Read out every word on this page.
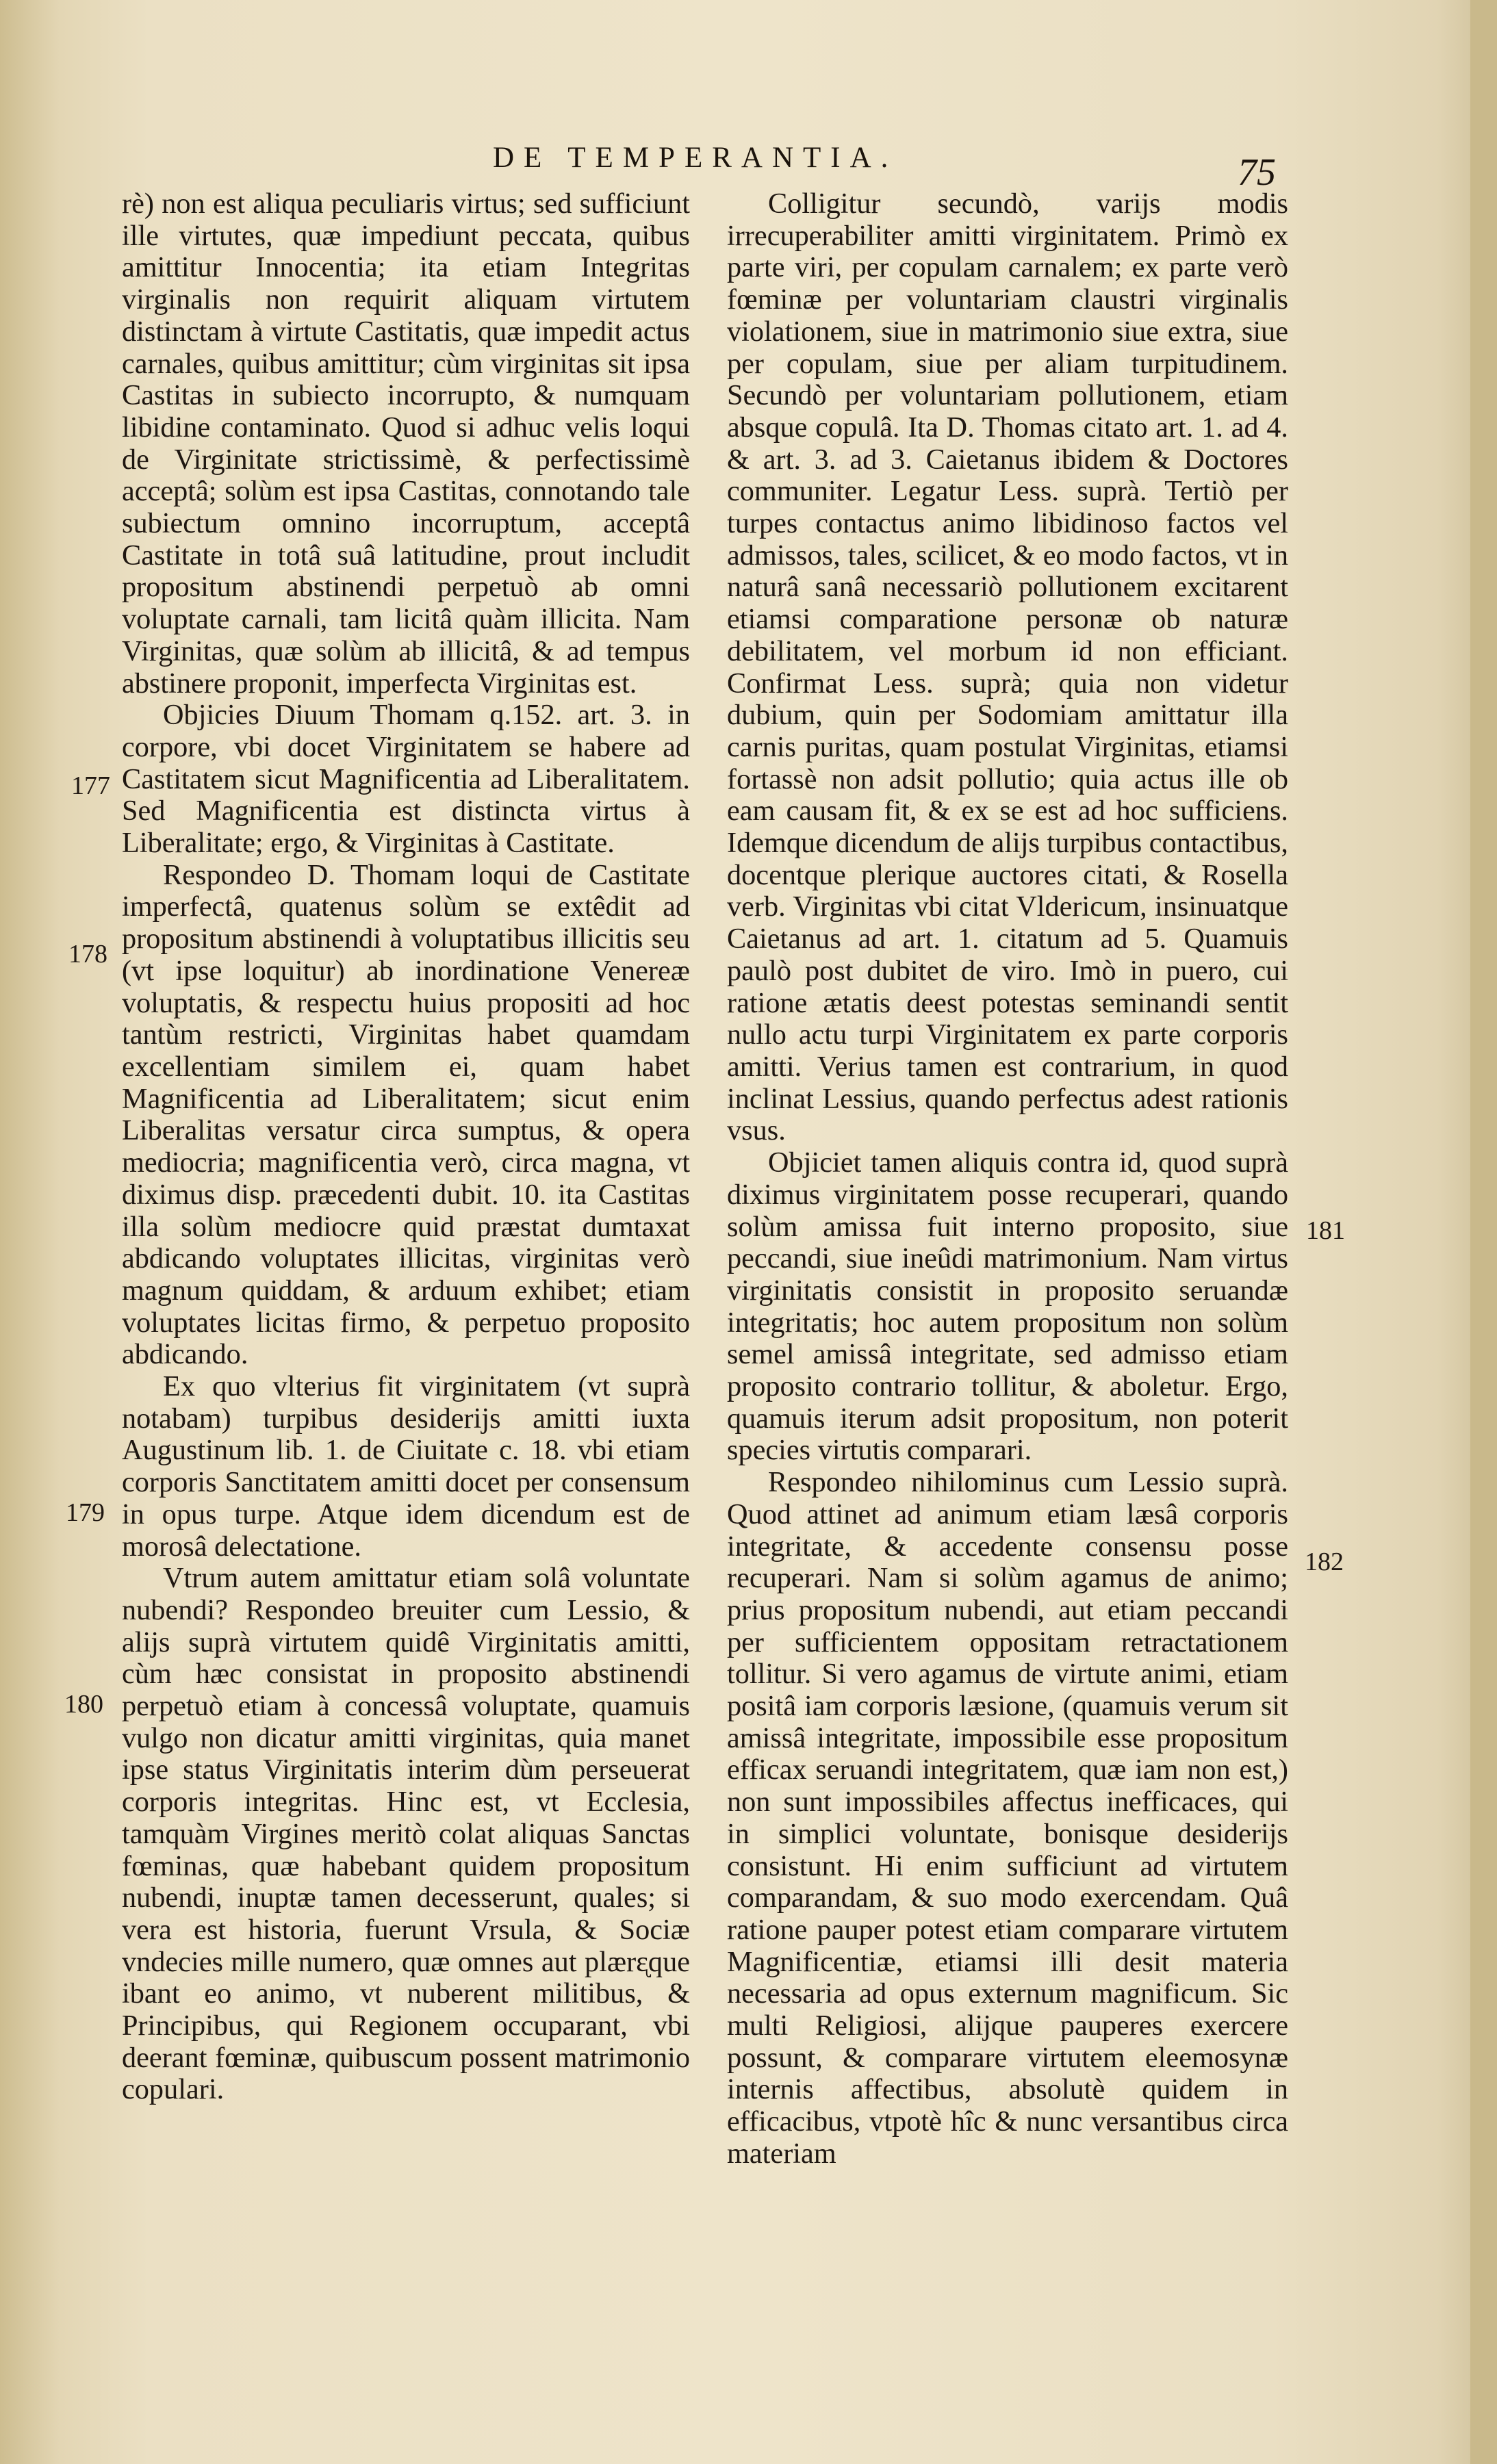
DE TEMPERANTIA.	75

rè) non est aliqua peculiaris virtus; sed sufficiunt ille virtutes, quæ impediunt peccata, quibus amittitur Innocentia; ita etiam Integritas virginalis non requirit aliquam virtutem distinctam à virtute Castitatis, quæ impedit actus carnales, quibus amittitur; cùm virginitas sit ipsa Castitas in subiecto incorrupto, & numquam libidine contaminato. Quod si adhuc velis loqui de Virginitate strictissimè, & perfectissimè acceptâ; solùm est ipsa Castitas, connotando tale subiectum omnino incorruptum, acceptâ Castitate in totâ suâ latitudine, prout includit propositum abstinendi perpetuò ab omni voluptate carnali, tam licitâ quàm illicita. Nam Virginitas, quæ solùm ab illicitâ, & ad tempus abstinere proponit, imperfecta Virginitas est.

Objicies Diuum Thomam q.152. art. 3. in corpore, vbi docet Virginitatem se habere ad Castitatem sicut Magnificentia ad Liberalitatem. Sed Magnificentia est distincta virtus à Liberalitate; ergo, & Virginitas à Castitate.

Respondeo D. Thomam loqui de Castitate imperfectâ, quatenus solùm se extêdit ad propositum abstinendi à voluptatibus illicitis seu (vt ipse loquitur) ab inordinatione Venereæ voluptatis, & respectu huius propositi ad hoc tantùm restricti, Virginitas habet quamdam excellentiam similem ei, quam habet Magnificentia ad Liberalitatem; sicut enim Liberalitas versatur circa sumptus, & opera mediocria; magnificentia verò, circa magna, vt diximus disp. præcedenti dubit. 10. ita Castitas illa solùm mediocre quid præstat dumtaxat abdicando voluptates illicitas, virginitas verò magnum quiddam, & arduum exhibet; etiam voluptates licitas firmo, & perpetuo proposito abdicando.

Ex quo vlterius fit virginitatem (vt suprà notabam) turpibus desiderijs amitti iuxta Augustinum lib. 1. de Ciuitate c. 18. vbi etiam corporis Sanctitatem amitti docet per consensum in opus turpe. Atque idem dicendum est de morosâ delectatione.

Vtrum autem amittatur etiam solâ voluntate nubendi? Respondeo breuiter cum Lessio, & alijs suprà virtutem quidê Virginitatis amitti, cùm hæc consistat in proposito abstinendi perpetuò etiam à concessâ voluptate, quamuis vulgo non dicatur amitti virginitas, quia manet ipse status Virginitatis interim dùm perseuerat corporis integritas. Hinc est, vt Ecclesia, tamquàm Virgines meritò colat aliquas Sanctas fœminas, quæ habebant quidem propositum nubendi, inuptæ tamen decesserunt, quales; si vera est historia, fuerunt Vrsula, & Sociæ vndecies mille numero, quæ omnes aut plærᶓque ibant eo animo, vt nuberent militibus, & Principibus, qui Regionem occuparant, vbi deerant fœminæ, quibuscum possent matrimonio copulari.

Colligitur secundò, varijs modis irrecuperabiliter amitti virginitatem. Primò ex parte viri, per copulam carnalem; ex parte verò fœminæ per voluntariam claustri virginalis violationem, siue in matrimonio siue extra, siue per copulam, siue per aliam turpitudinem. Secundò per voluntariam pollutionem, etiam absque copulâ. Ita D. Thomas citato art. 1. ad 4. & art. 3. ad 3. Caietanus ibidem & Doctores communiter. Legatur Less. suprà. Tertiò per turpes contactus animo libidinoso factos vel admissos, tales, scilicet, & eo modo factos, vt in naturâ sanâ necessariò pollutionem excitarent etiamsi comparatione personæ ob naturæ debilitatem, vel morbum id non efficiant. Confirmat Less. suprà; quia non videtur dubium, quin per Sodomiam amittatur illa carnis puritas, quam postulat Virginitas, etiamsi fortassè non adsit pollutio; quia actus ille ob eam causam fit, & ex se est ad hoc sufficiens. Idemque dicendum de alijs turpibus contactibus, docentque plerique auctores citati, & Rosella verb. Virginitas vbi citat Vldericum, insinuatque Caietanus ad art. 1. citatum ad 5. Quamuis paulò post dubitet de viro. Imò in puero, cui ratione ætatis deest potestas seminandi sentit nullo actu turpi Virginitatem ex parte corporis amitti. Verius tamen est contrarium, in quod inclinat Lessius, quando perfectus adest rationis vsus.

Objiciet tamen aliquis contra id, quod suprà diximus virginitatem posse recuperari, quando solùm amissa fuit interno proposito, siue peccandi, siue ineûdi matrimonium. Nam virtus virginitatis consistit in proposito seruandæ integritatis; hoc autem propositum non solùm semel amissâ integritate, sed admisso etiam proposito contrario tollitur, & aboletur. Ergo, quamuis iterum adsit propositum, non poterit species virtutis comparari.

Respondeo nihilominus cum Lessio suprà. Quod attinet ad animum etiam læsâ corporis integritate, & accedente consensu posse recuperari. Nam si solùm agamus de animo; prius propositum nubendi, aut etiam peccandi per sufficientem oppositam retractationem tollitur. Si vero agamus de virtute animi, etiam positâ iam corporis læsione, (quamuis verum sit amissâ integritate, impossibile esse propositum efficax seruandi integritatem, quæ iam non est,) non sunt impossibiles affectus inefficaces, qui in simplici voluntate, bonisque desiderijs consistunt. Hi enim sufficiunt ad virtutem comparandam, & suo modo exercendam. Quâ ratione pauper potest etiam comparare virtutem Magnificentiæ, etiamsi illi desit materia necessaria ad opus externum magnificum. Sic multi Religiosi, alijque pauperes exercere possunt, & comparare virtutem eleemosynæ internis affectibus, absolutè quidem in efficacibus, vtpotè hîc & nunc versantibus circa materiam

177
178
179
180
181
182
